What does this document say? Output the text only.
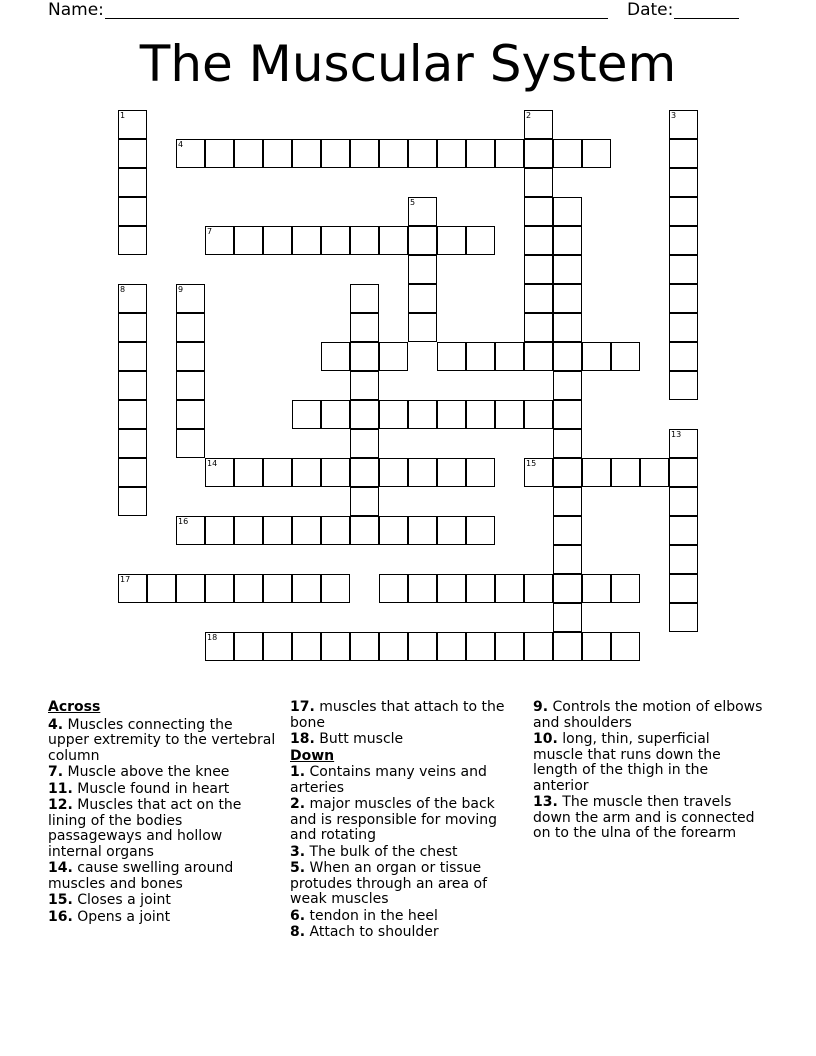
Name:	Date:
The Muscular System
1	2	3
4
5
7
8	9
13
14	15
16
17
18

Across

4. Muscles connecting the upper extremity to the vertebral column

7. Muscle above the knee

11. Muscle found in heart

12. Muscles that act on the lining of the bodies passageways and hollow internal organs

14. cause swelling around muscles and bones

15. Closes a joint

16. Opens a joint

17. muscles that attach to the bone

18. Butt muscle

Down

1. Contains many veins and arteries

2. major muscles of the back and is responsible for moving and rotating

3. The bulk of the chest

5. When an organ or tissue protudes through an area of weak muscles

6. tendon in the heel

8. Attach to shoulder

9. Controls the motion of elbows and shoulders

10. long, thin, superficial muscle that runs down the length of the thigh in the anterior

13. The muscle then travels down the arm and is connected on to the ulna of the forearm
